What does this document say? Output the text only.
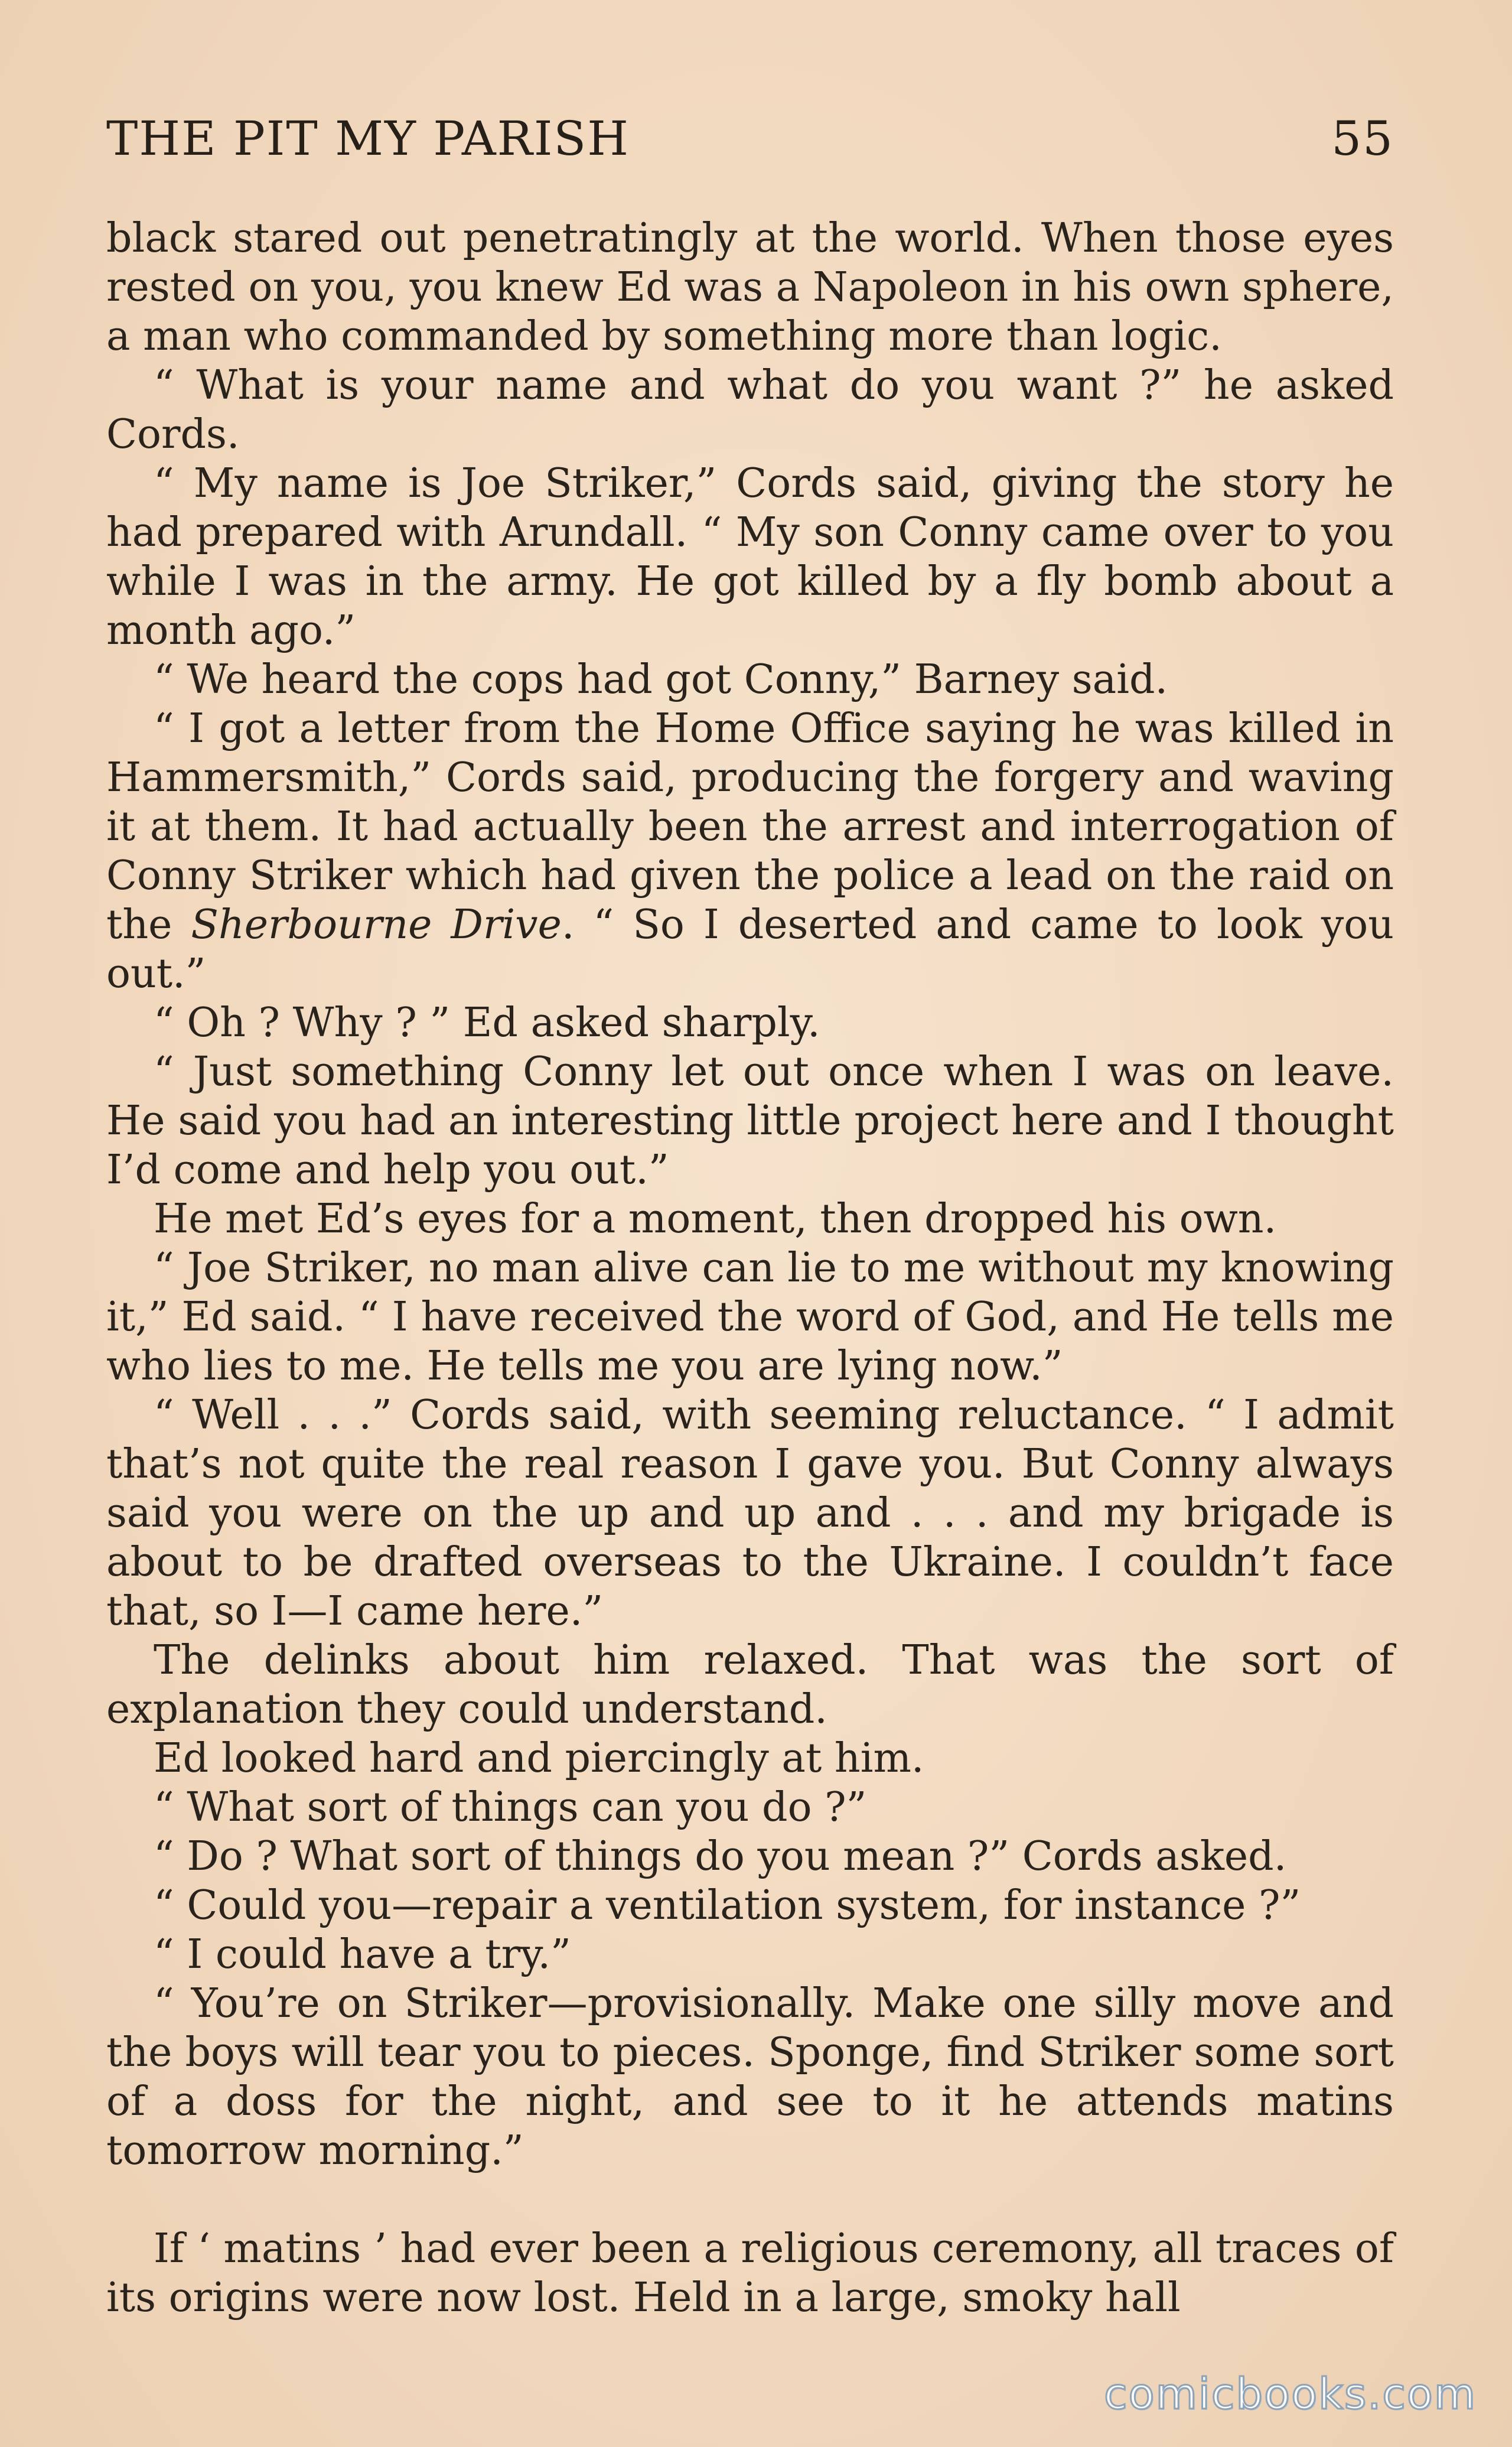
THE PIT MY PARISH	55

black stared out penetratingly at the world. When those eyes rested on you, you knew Ed was a Napoleon in his own sphere, a man who commanded by something more than logic.

“ What is your name and what do you want ?” he asked Cords.

“ My name is Joe Striker,” Cords said, giving the story he had prepared with Arundall. “ My son Conny came over to you while I was in the army. He got killed by a fly bomb about a month ago.”

“ We heard the cops had got Conny,” Barney said.

“ I got a letter from the Home Office saying he was killed in Hammersmith,” Cords said, producing the forgery and waving it at them. It had actually been the arrest and interrogation of Conny Striker which had given the police a lead on the raid on the Sherbourne Drive. “ So I deserted and came to look you out.”

“ Oh ? Why ? ” Ed asked sharply.

“ Just something Conny let out once when I was on leave. He said you had an interesting little project here and I thought I’d come and help you out.”

He met Ed’s eyes for a moment, then dropped his own.

“ Joe Striker, no man alive can lie to me without my knowing it,” Ed said. “ I have received the word of God, and He tells me who lies to me. He tells me you are lying now.”

“ Well . . .” Cords said, with seeming reluctance. “ I admit that’s not quite the real reason I gave you. But Conny always said you were on the up and up and . . . and my brigade is about to be drafted overseas to the Ukraine. I couldn’t face that, so I—I came here.”

The delinks about him relaxed. That was the sort of explanation they could understand.

Ed looked hard and piercingly at him.

“ What sort of things can you do ?”

“ Do ? What sort of things do you mean ?” Cords asked.

“ Could you—repair a ventilation system, for instance ?”

“ I could have a try.”

“ You’re on Striker—provisionally. Make one silly move and the boys will tear you to pieces. Sponge, find Striker some sort of a doss for the night, and see to it he attends matins tomorrow morning.”

If ‘ matins ’ had ever been a religious ceremony, all traces of its origins were now lost. Held in a large, smoky hall

comicbooks.com
